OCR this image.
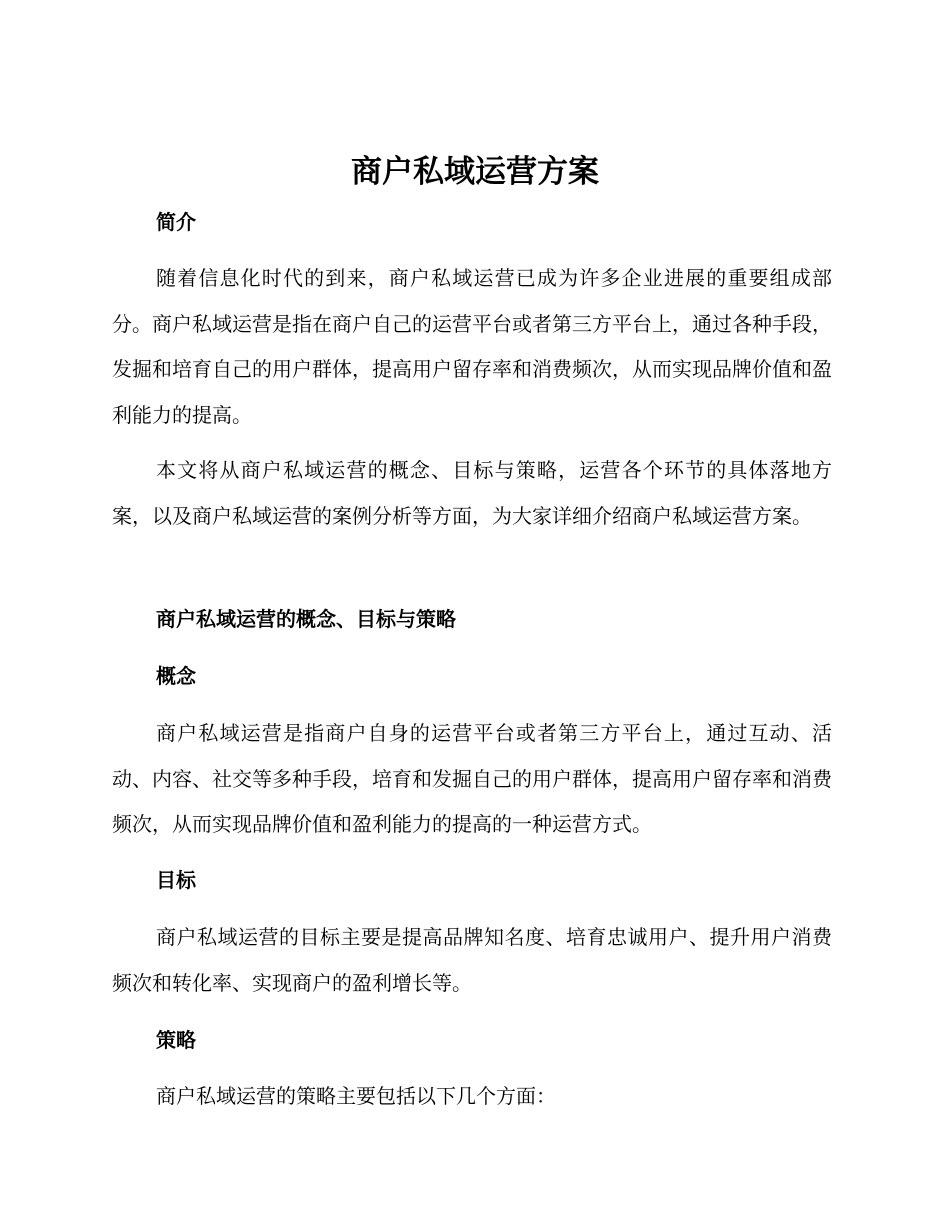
商户私域运营方案
简介

随着信息化时代的到来，商户私域运营已成为许多企业进展的重要组成部分。商户私域运营是指在商户自己的运营平台或者第三方平台上，通过各种手段，发掘和培育自己的用户群体，提高用户留存率和消费频次，从而实现品牌价值和盈利能力的提高。

本文将从商户私域运营的概念、目标与策略，运营各个环节的具体落地方案，以及商户私域运营的案例分析等方面，为大家详细介绍商户私域运营方案。

商户私域运营的概念、目标与策略
概念

商户私域运营是指商户自身的运营平台或者第三方平台上，通过互动、活动、内容、社交等多种手段，培育和发掘自己的用户群体，提高用户留存率和消费频次，从而实现品牌价值和盈利能力的提高的一种运营方式。

目标

商户私域运营的目标主要是提高品牌知名度、培育忠诚用户、提升用户消费频次和转化率、实现商户的盈利增长等。

策略

商户私域运营的策略主要包括以下几个方面：
